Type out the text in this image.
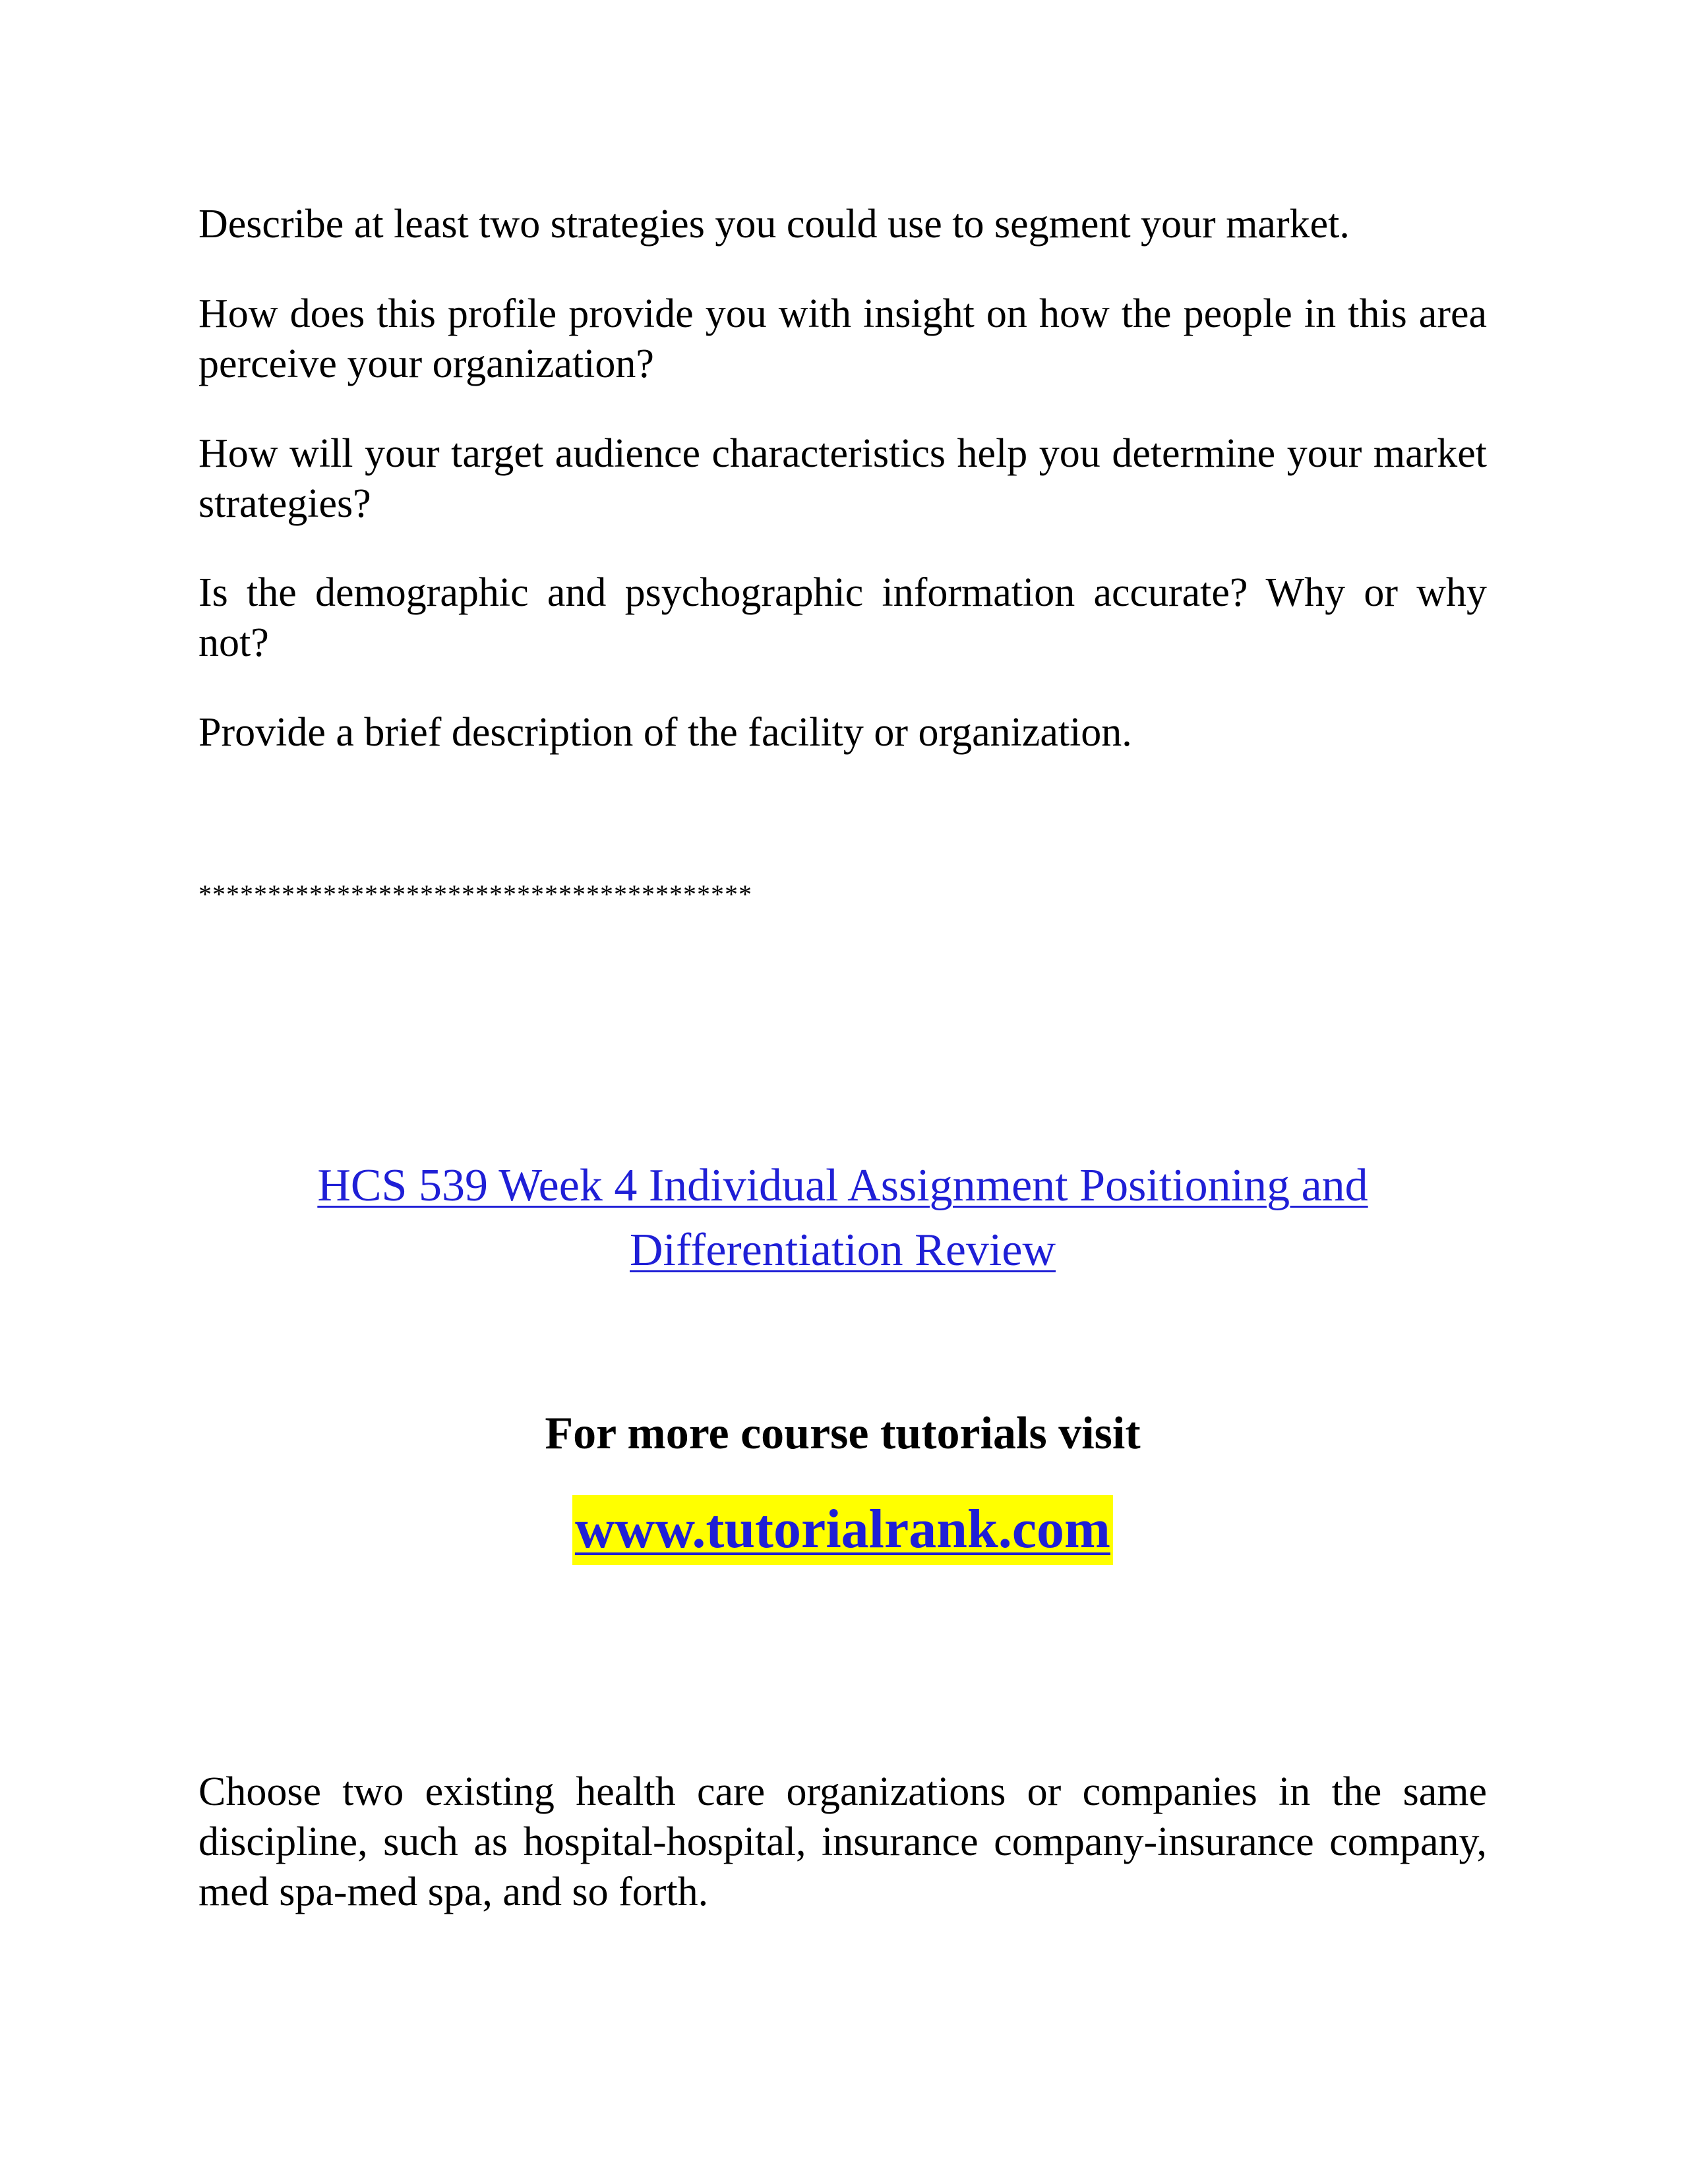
Describe at least two strategies you could use to segment your market.

How does this profile provide you with insight on how the people in this area perceive your organization?

How will your target audience characteristics help you determine your market strategies?

Is the demographic and psychographic information accurate? Why or why not?

Provide a brief description of the facility or organization.

****************************************

HCS 539 Week 4 Individual Assignment Positioning and
Differentiation Review

For more course tutorials visit

www.tutorialrank.com

Choose two existing health care organizations or companies in the same discipline, such as hospital-hospital, insurance company-insurance company, med spa-med spa, and so forth.
